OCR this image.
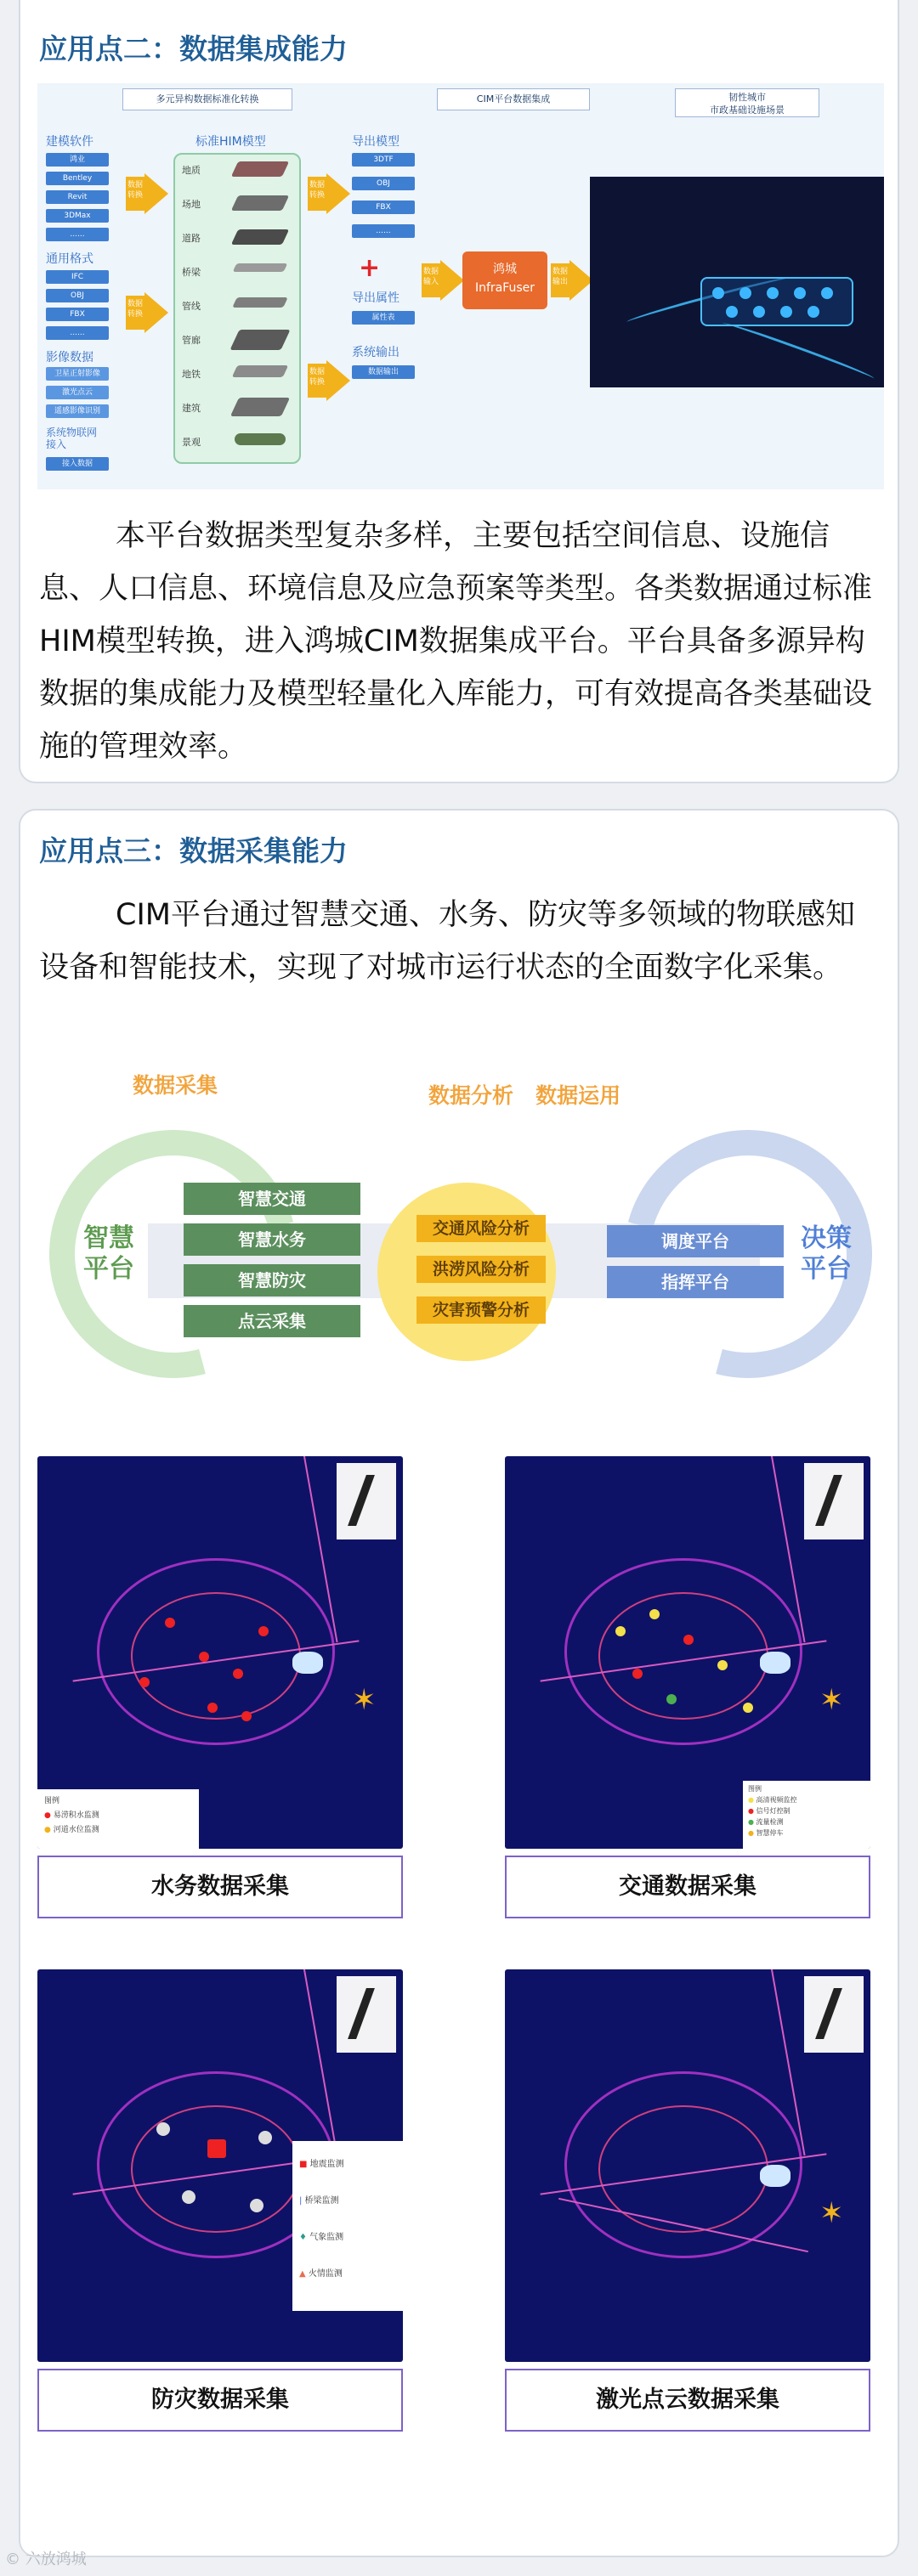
应用点二：数据集成能力
多元异构数据标准化转换	CIM平台数据集成	韧性城市
市政基础设施场景
建模软件
鸿业
Bentley
Revit
3DMax
......
通用格式
IFC
OBJ
FBX
......
影像数据
卫星正射影像
激光点云
遥感影像识别
系统物联网
接入
接入数据
数据
转换
数据
转换
标准HIM模型
地质
场地
道路
桥梁
管线
管廊
地铁
建筑
景观
数据
转换
数据
转换
导出模型
3DTF
OBJ
FBX
......
+
导出属性
属性表
系统输出
数据输出
数据
输入
鸿城
InfraFuser
数据
输出
本平台数据类型复杂多样，主要包括空间信息、设施信息、人口信息、环境信息及应急预案等类型。各类数据通过标准HIM模型转换，进入鸿城CIM数据集成平台。平台具备多源异构数据的集成能力及模型轻量化入库能力，可有效提高各类基础设施的管理效率。
应用点三：数据采集能力
CIM平台通过智慧交通、水务、防灾等多领域的物联感知设备和智能技术，实现了对城市运行状态的全面数字化采集。
数据采集	数据分析   数据运用
智慧
平台
决策
平台
智慧交通
智慧水务
智慧防灾
点云采集
交通风险分析
洪涝风险分析
灾害预警分析
调度平台
指挥平台
✶
图例
● 易涝积水监测
● 河道水位监测
水务数据采集
✶
图例
● 高清视频监控
● 信号灯控制
● 流量检测
● 智慧停车
交通数据采集
■ 地震监测
| 桥梁监测
♦ 气象监测
▲ 火情监测
防灾数据采集
✶
激光点云数据采集
© 六放鸿城
